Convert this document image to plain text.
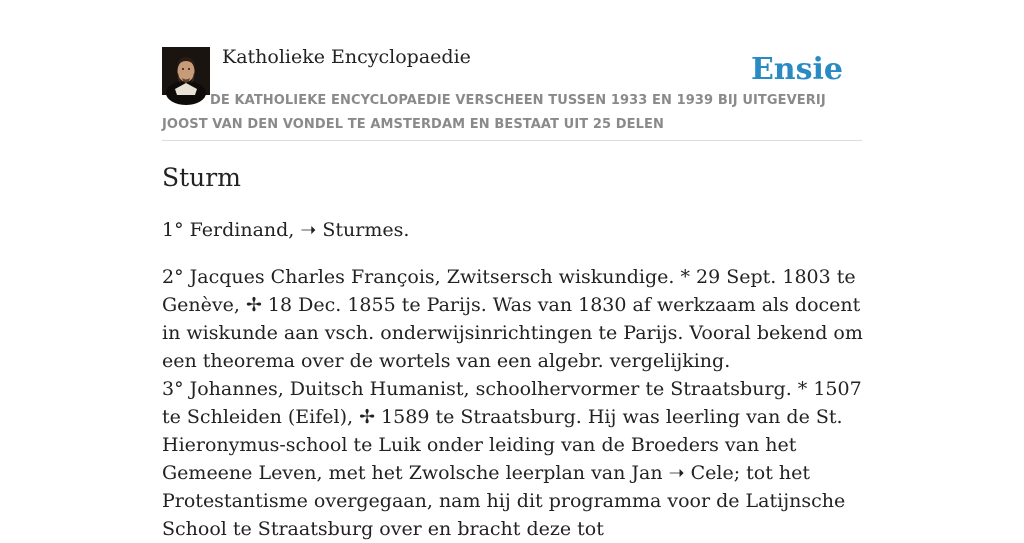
Katholieke Encyclopaedie	Ensie
DE KATHOLIEKE ENCYCLOPAEDIE VERSCHEEN TUSSEN 1933 EN 1939 BIJ UITGEVERIJ JOOST VAN DEN VONDEL TE AMSTERDAM EN BESTAAT UIT 25 DELEN
Sturm

1° Ferdinand, ➝ Sturmes.

2° Jacques Charles François, Zwitsersch wiskundige. * 29 Sept. 1803 te Genève, ✢ 18 Dec. 1855 te Parijs. Was van 1830 af werkzaam als docent in wiskunde aan vsch. onderwijsinrichtingen te Parijs. Vooral bekend om een theorema over de wortels van een algebr. vergelijking.

3° Johannes, Duitsch Humanist, schoolhervormer te Straatsburg. * 1507 te Schleiden (Eifel), ✢ 1589 te Straatsburg. Hij was leerling van de St. Hieronymus-school te Luik onder leiding van de Broeders van het Gemeene Leven, met het Zwolsche leerplan van Jan ➝ Cele; tot het Protestantisme overgegaan, nam hij dit programma voor de Latijnsche School te Straatsburg over en bracht deze tot
